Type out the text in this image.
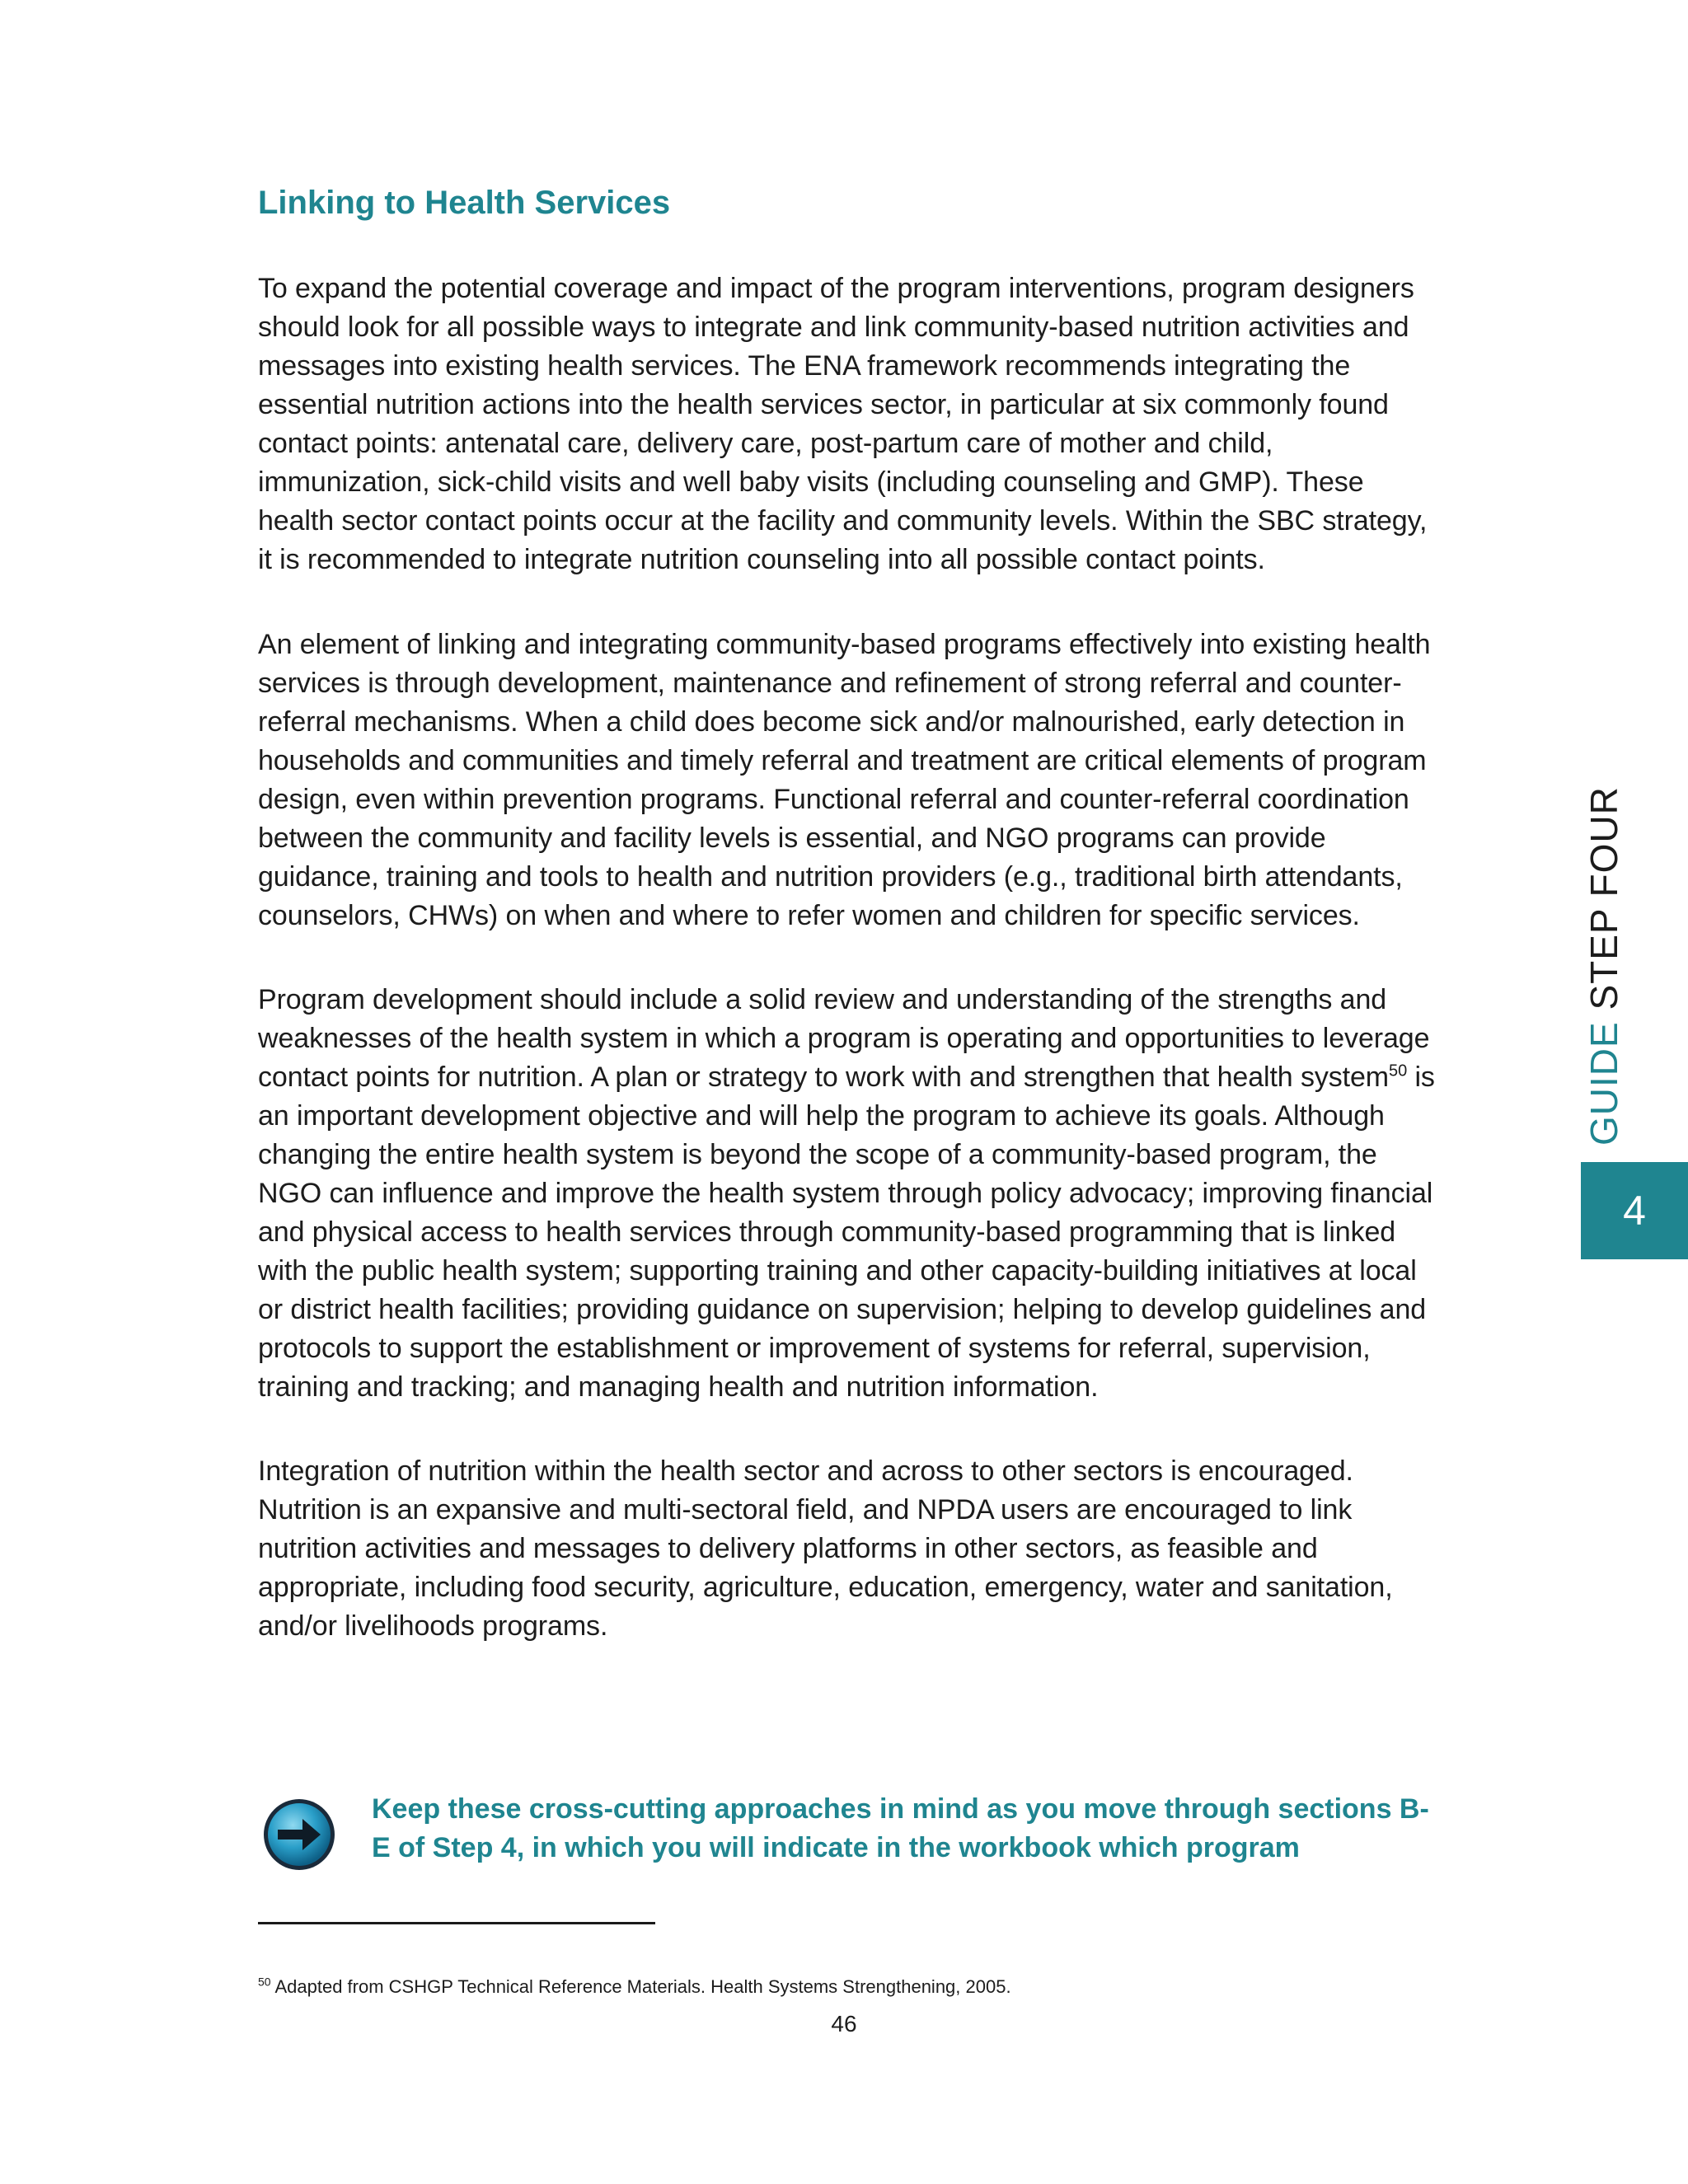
Linking to Health Services

To expand the potential coverage and impact of the program interventions, program designers should look for all possible ways to integrate and link community-based nutrition activities and messages into existing health services. The ENA framework recommends integrating the essential nutrition actions into the health services sector, in particular at six commonly found contact points: antenatal care, delivery care, post-partum care of mother and child, immunization, sick-child visits and well baby visits (including counseling and GMP). These health sector contact points occur at the facility and community levels. Within the SBC strategy, it is recommended to integrate nutrition counseling into all possible contact points.

An element of linking and integrating community-based programs effectively into existing health services is through development, maintenance and refinement of strong referral and counter-referral mechanisms. When a child does become sick and/or malnourished, early detection in households and communities and timely referral and treatment are critical elements of program design, even within prevention programs. Functional referral and counter-referral coordination between the community and facility levels is essential, and NGO programs can provide guidance, training and tools to health and nutrition providers (e.g., traditional birth attendants, counselors, CHWs) on when and where to refer women and children for specific services.

Program development should include a solid review and understanding of the strengths and weaknesses of the health system in which a program is operating and opportunities to leverage contact points for nutrition. A plan or strategy to work with and strengthen that health system$^{50}$ is an important development objective and will help the program to achieve its goals. Although changing the entire health system is beyond the scope of a community-based program, the NGO can influence and improve the health system through policy advocacy; improving financial and physical access to health services through community-based programming that is linked with the public health system; supporting training and other capacity-building initiatives at local or district health facilities; providing guidance on supervision; helping to develop guidelines and protocols to support the establishment or improvement of systems for referral, supervision, training and tracking; and managing health and nutrition information.

Integration of nutrition within the health sector and across to other sectors is encouraged. Nutrition is an expansive and multi-sectoral field, and NPDA users are encouraged to link nutrition activities and messages to delivery platforms in other sectors, as feasible and appropriate, including food security, agriculture, education, emergency, water and sanitation, and/or livelihoods programs.

Keep these cross-cutting approaches in mind as you move through sections B-E of Step 4, in which you will indicate in the workbook which program

$^{50}$ Adapted from CSHGP Technical Reference Materials. Health Systems Strengthening, 2005.

46

GUIDE STEP FOUR
4
